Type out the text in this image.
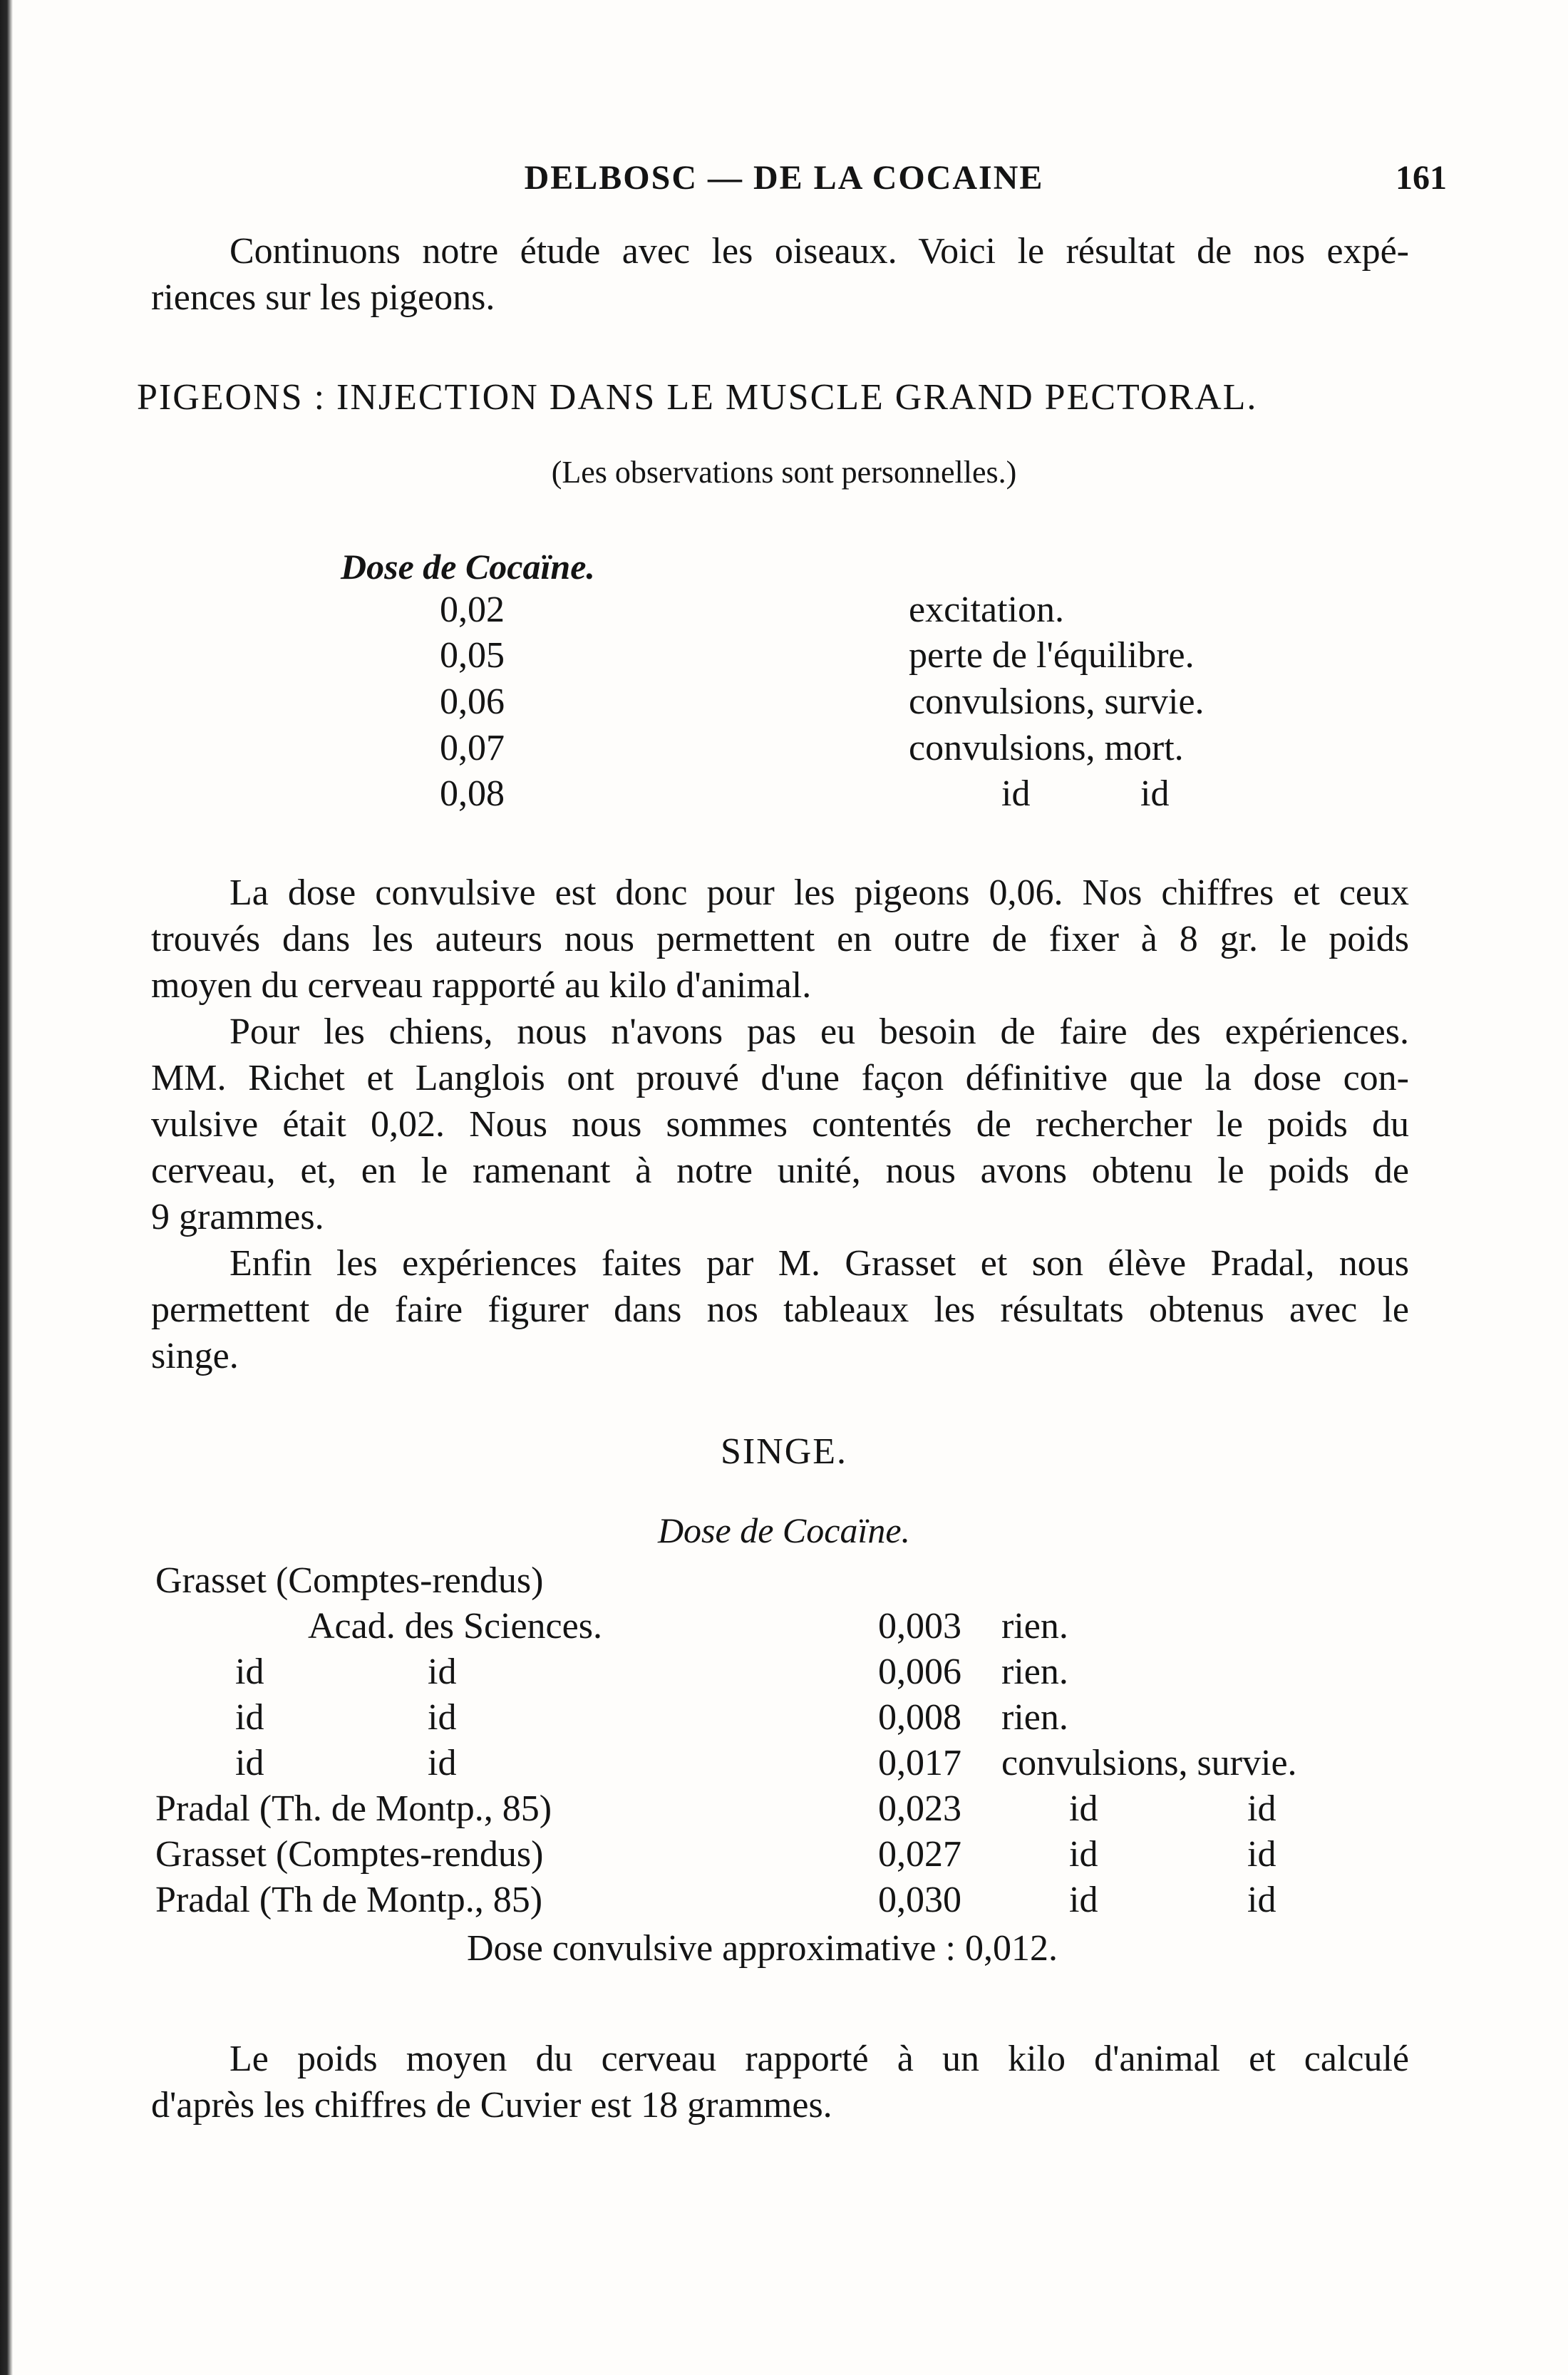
DELBOSC — DE LA COCAINE	161
Continuons notre étude avec les oiseaux. Voici le résultat de nos expé-
riences sur les pigeons.
PIGEONS : INJECTION DANS LE MUSCLE GRAND PECTORAL.
(Les observations sont personnelles.)
Dose de Cocaïne.
0,02	excitation.
0,05	perte de l'équilibre.
0,06	convulsions, survie.
0,07	convulsions, mort.
0,08	id	id
La dose convulsive est donc pour les pigeons 0,06. Nos chiffres et ceux
trouvés dans les auteurs nous permettent en outre de fixer à 8 gr. le poids
moyen du cerveau rapporté au kilo d'animal.
Pour les chiens, nous n'avons pas eu besoin de faire des expériences.
MM. Richet et Langlois ont prouvé d'une façon définitive que la dose con-
vulsive était 0,02. Nous nous sommes contentés de rechercher le poids du
cerveau, et, en le ramenant à notre unité, nous avons obtenu le poids de
9 grammes.
Enfin les expériences faites par M. Grasset et son élève Pradal, nous
permettent de faire figurer dans nos tableaux les résultats obtenus avec le
singe.
SINGE.
Dose de Cocaïne.
Grasset (Comptes-rendus)
Acad. des Sciences.	0,003 rien.
id	id	0,006 rien.
id	id	0,008 rien.
id	id	0,017 convulsions, survie.
Pradal (Th. de Montp., 85)	0,023	id	id
Grasset (Comptes-rendus)	0,027	id	id
Pradal (Th de Montp., 85)	0,030	id	id
Dose convulsive approximative : 0,012.
Le poids moyen du cerveau rapporté à un kilo d'animal et calculé
d'après les chiffres de Cuvier est 18 grammes.
